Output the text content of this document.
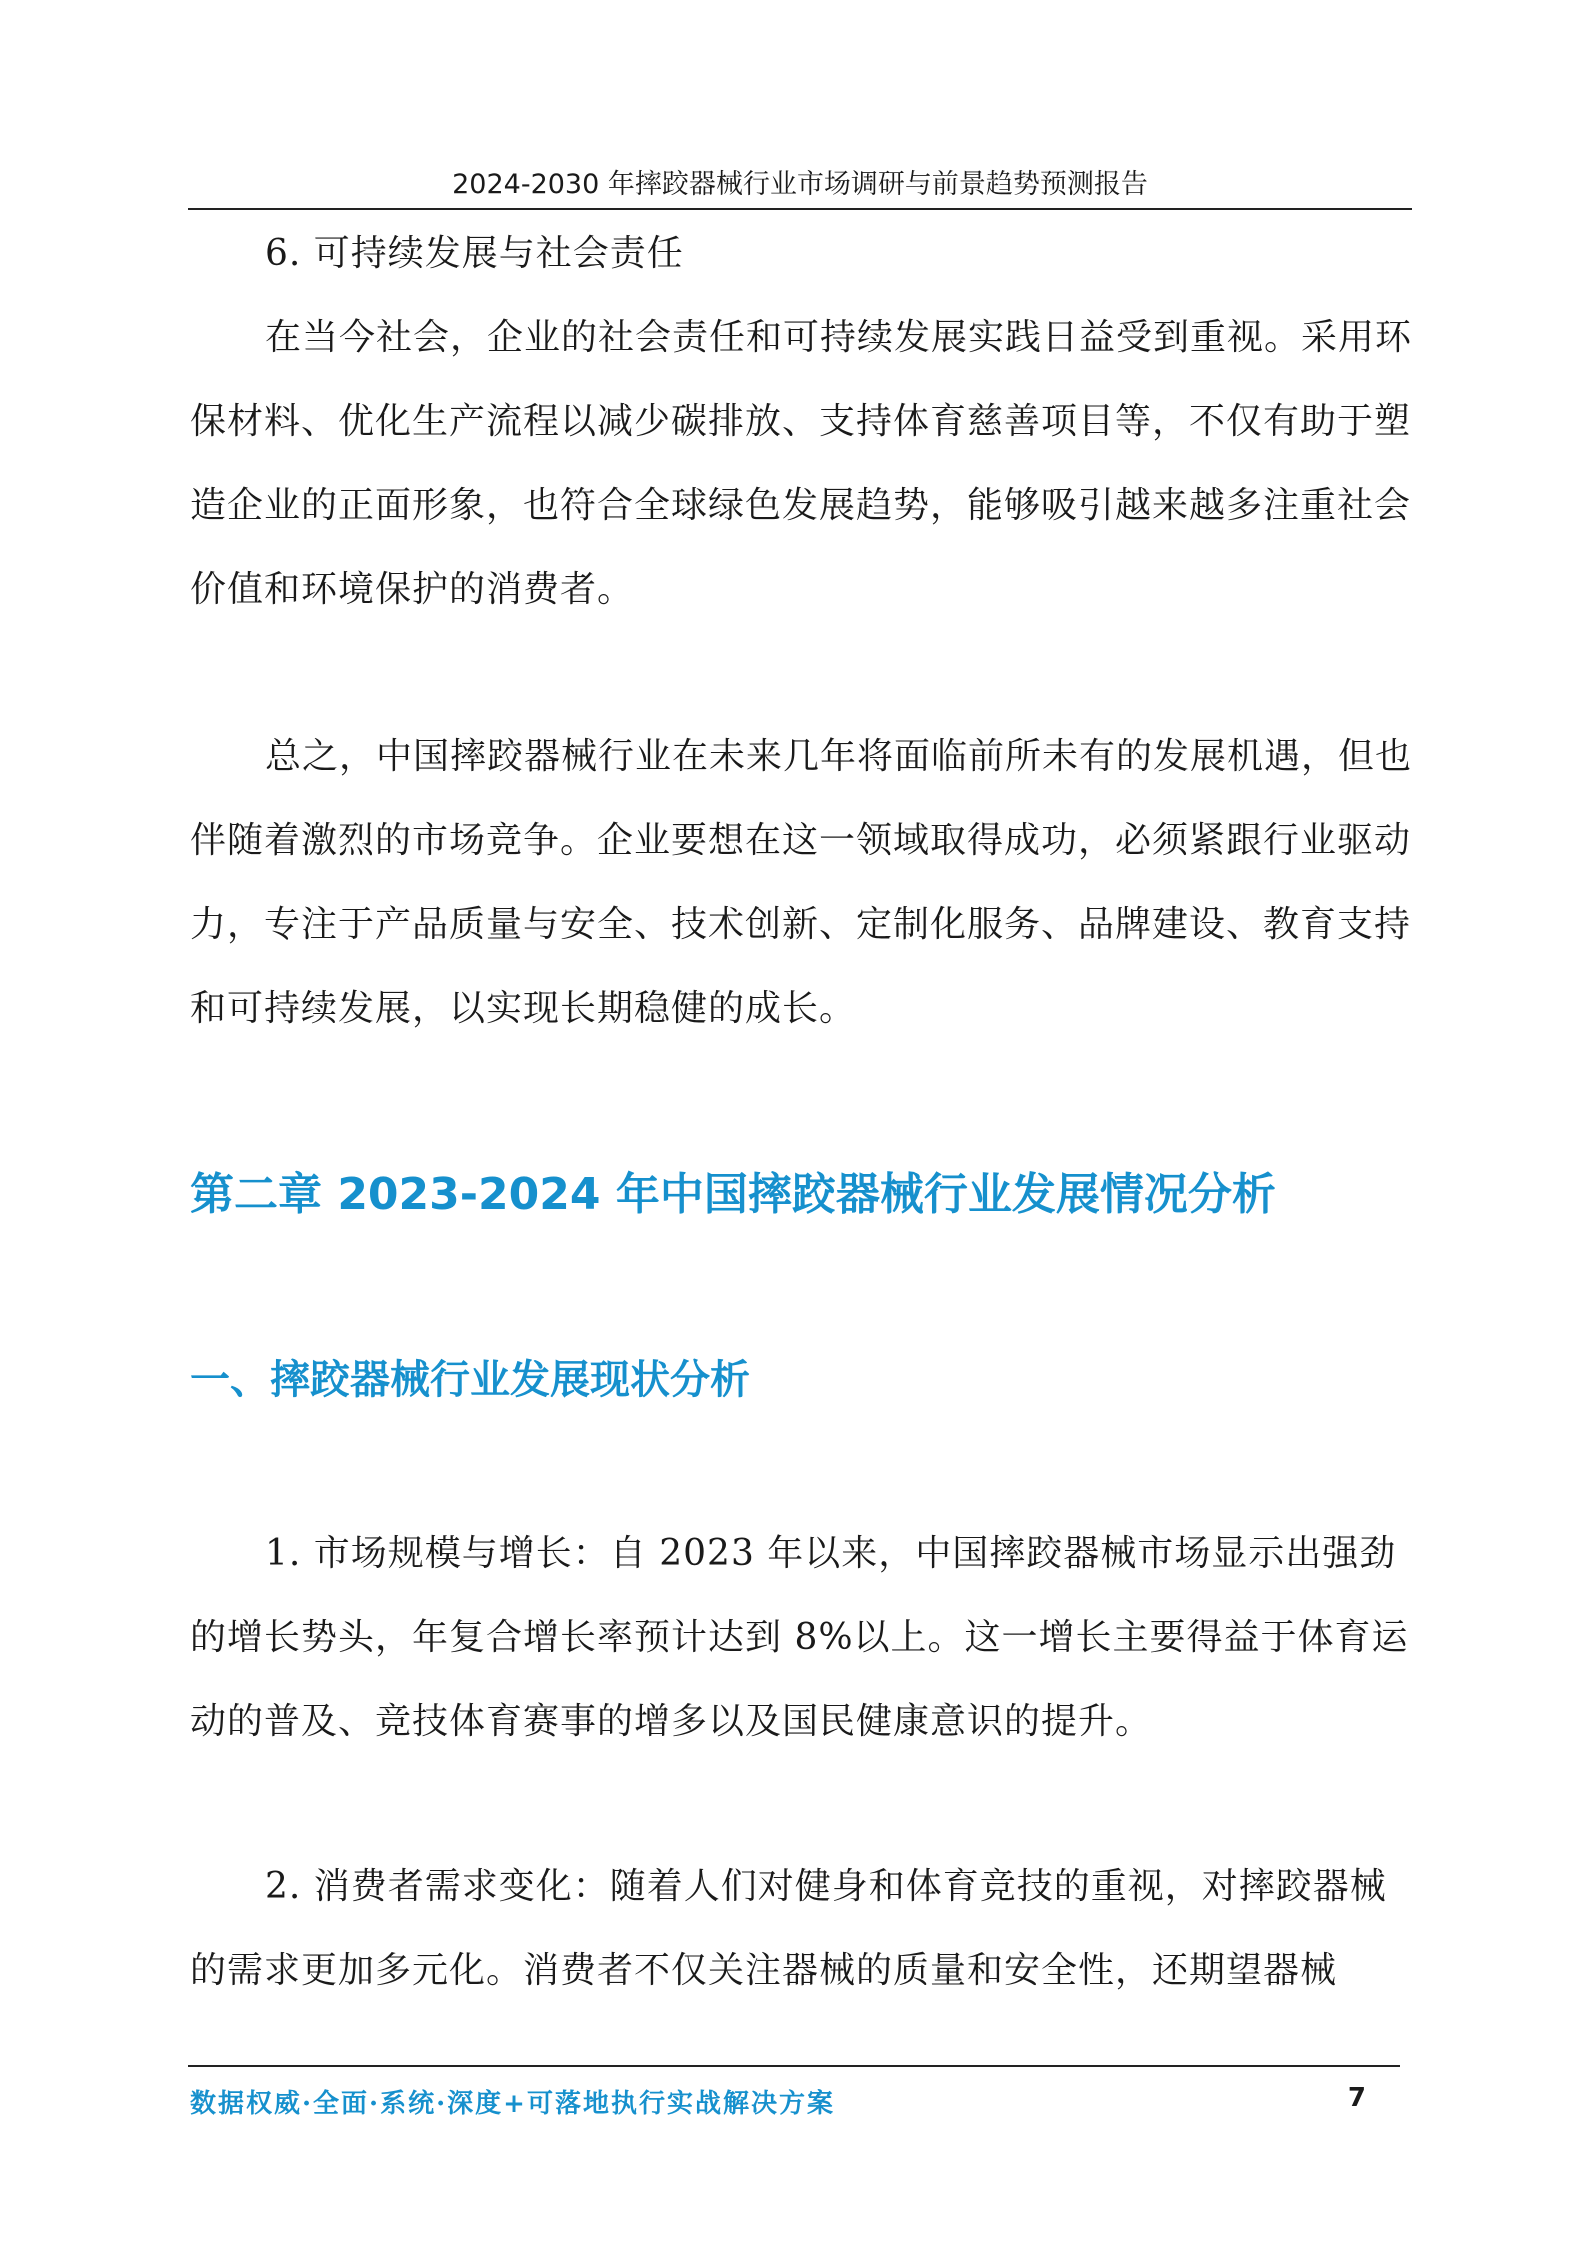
2024-2030 年摔跤器械行业市场调研与前景趋势预测报告

6. 可持续发展与社会责任

在当今社会，企业的社会责任和可持续发展实践日益受到重视。采用环保材料、优化生产流程以减少碳排放、支持体育慈善项目等，不仅有助于塑造企业的正面形象，也符合全球绿色发展趋势，能够吸引越来越多注重社会价值和环境保护的消费者。

总之，中国摔跤器械行业在未来几年将面临前所未有的发展机遇，但也伴随着激烈的市场竞争。企业要想在这一领域取得成功，必须紧跟行业驱动力，专注于产品质量与安全、技术创新、定制化服务、品牌建设、教育支持和可持续发展，以实现长期稳健的成长。

第二章 2023-2024 年中国摔跤器械行业发展情况分析
一、摔跤器械行业发展现状分析

1. 市场规模与增长：自 2023 年以来，中国摔跤器械市场显示出强劲的增长势头，年复合增长率预计达到 8%以上。这一增长主要得益于体育运动的普及、竞技体育赛事的增多以及国民健康意识的提升。

2. 消费者需求变化：随着人们对健身和体育竞技的重视，对摔跤器械的需求更加多元化。消费者不仅关注器械的质量和安全性，还期望器械

数据权威·全面·系统·深度+可落地执行实战解决方案	7
